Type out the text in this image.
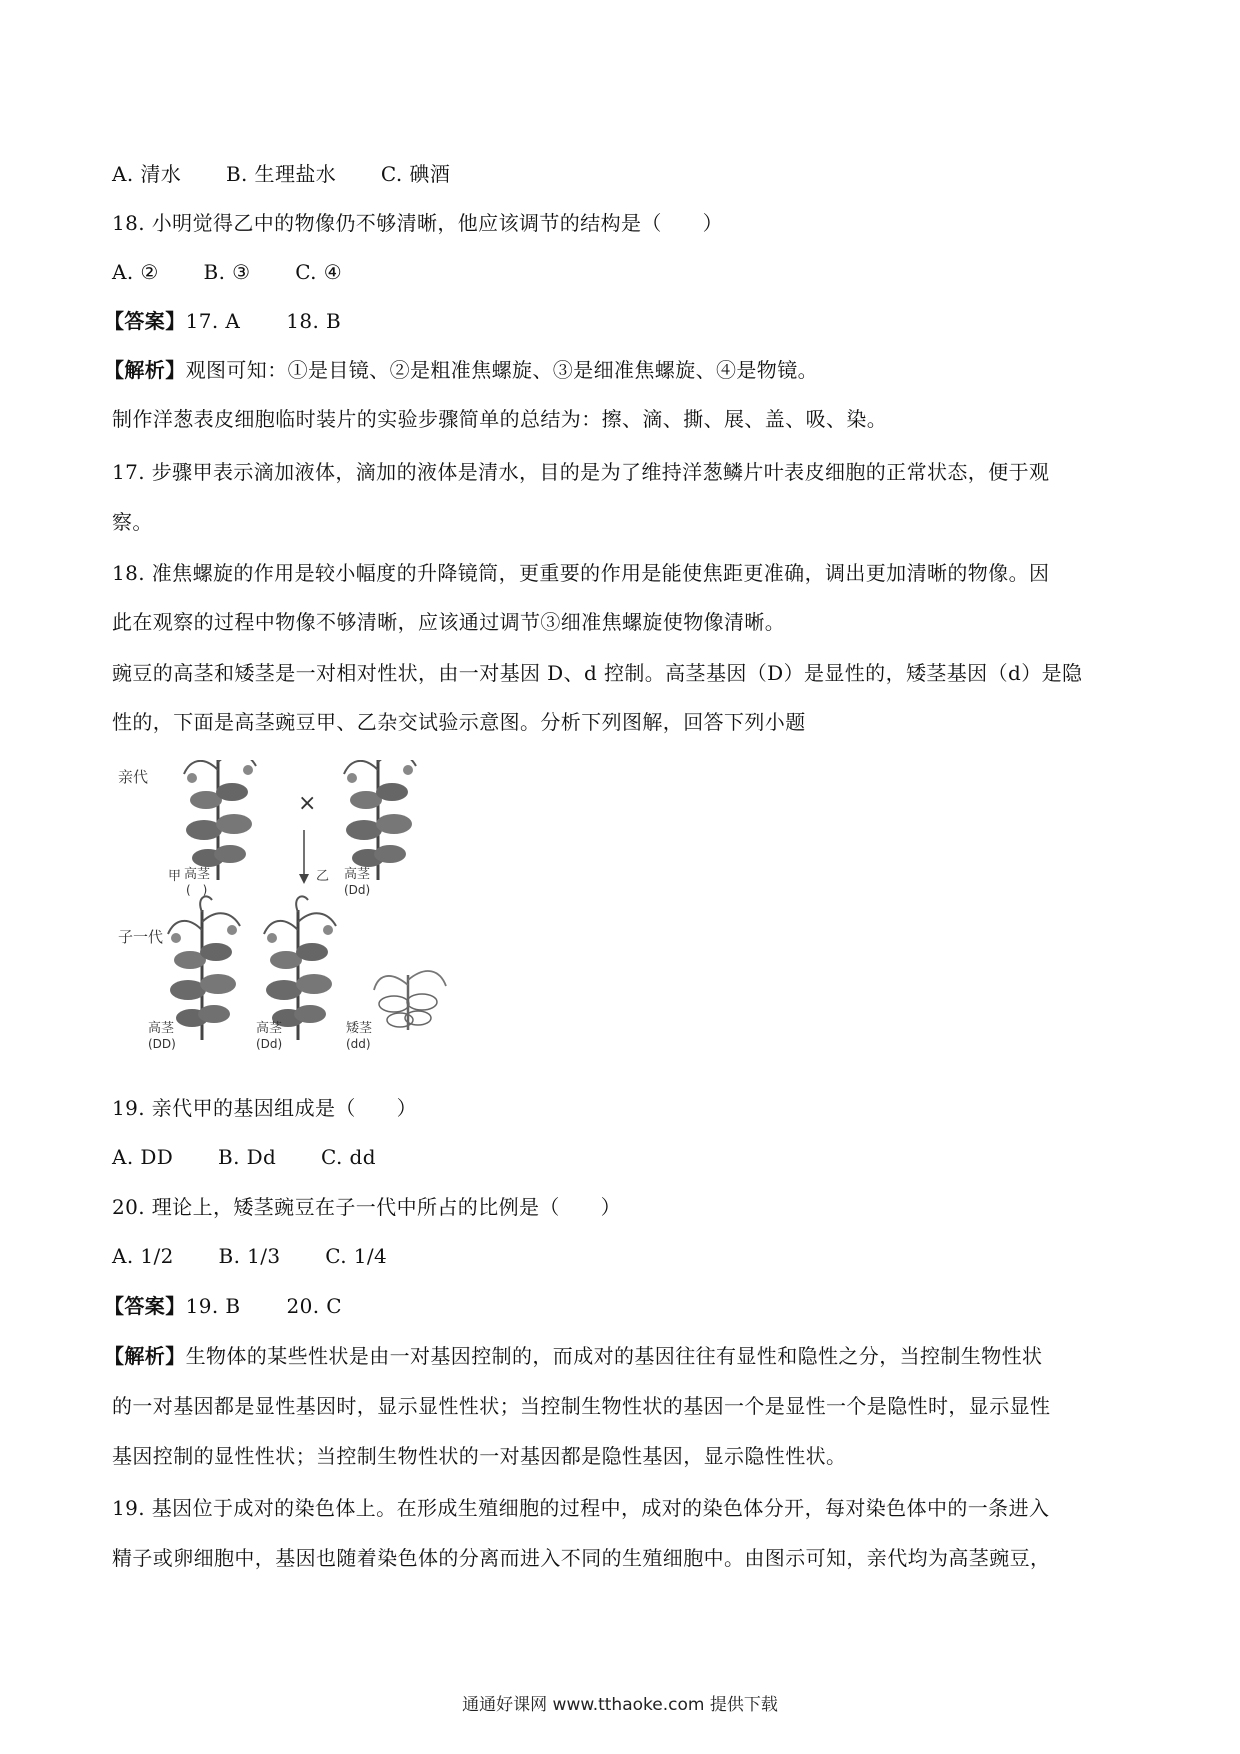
A. 清水 B. 生理盐水 C. 碘酒
18. 小明觉得乙中的物像仍不够清晰，他应该调节的结构是（　　）
A. ② B. ③ C. ④
【答案】17. A 18. B
【解析】观图可知：①是目镜、②是粗准焦螺旋、③是细准焦螺旋、④是物镜。
制作洋葱表皮细胞临时装片的实验步骤简单的总结为：擦、滴、撕、展、盖、吸、染。
17. 步骤甲表示滴加液体，滴加的液体是清水，目的是为了维持洋葱鳞片叶表皮细胞的正常状态，便于观
察。
18. 准焦螺旋的作用是较小幅度的升降镜筒，更重要的作用是能使焦距更准确，调出更加清晰的物像。因
此在观察的过程中物像不够清晰，应该通过调节③细准焦螺旋使物像清晰。
豌豆的高茎和矮茎是一对相对性状，由一对基因 D、d 控制。高茎基因（D）是显性的，矮茎基因（d）是隐
性的，下面是高茎豌豆甲、乙杂交试验示意图。分析下列图解，回答下列小题
亲代
×
甲 高茎
(　)
乙 高茎
(Dd)
子一代
高茎
(DD)
高茎
(Dd)
矮茎
(dd)
19. 亲代甲的基因组成是（　　）
A. DD B. Dd C. dd
20. 理论上，矮茎豌豆在子一代中所占的比例是（　　）
A. 1/2 B. 1/3 C. 1/4
【答案】19. B 20. C
【解析】生物体的某些性状是由一对基因控制的，而成对的基因往往有显性和隐性之分，当控制生物性状
的一对基因都是显性基因时，显示显性性状；当控制生物性状的基因一个是显性一个是隐性时，显示显性
基因控制的显性性状；当控制生物性状的一对基因都是隐性基因，显示隐性性状。
19. 基因位于成对的染色体上。在形成生殖细胞的过程中，成对的染色体分开，每对染色体中的一条进入
精子或卵细胞中，基因也随着染色体的分离而进入不同的生殖细胞中。由图示可知，亲代均为高茎豌豆，
通通好课网 www.tthaoke.com 提供下载
